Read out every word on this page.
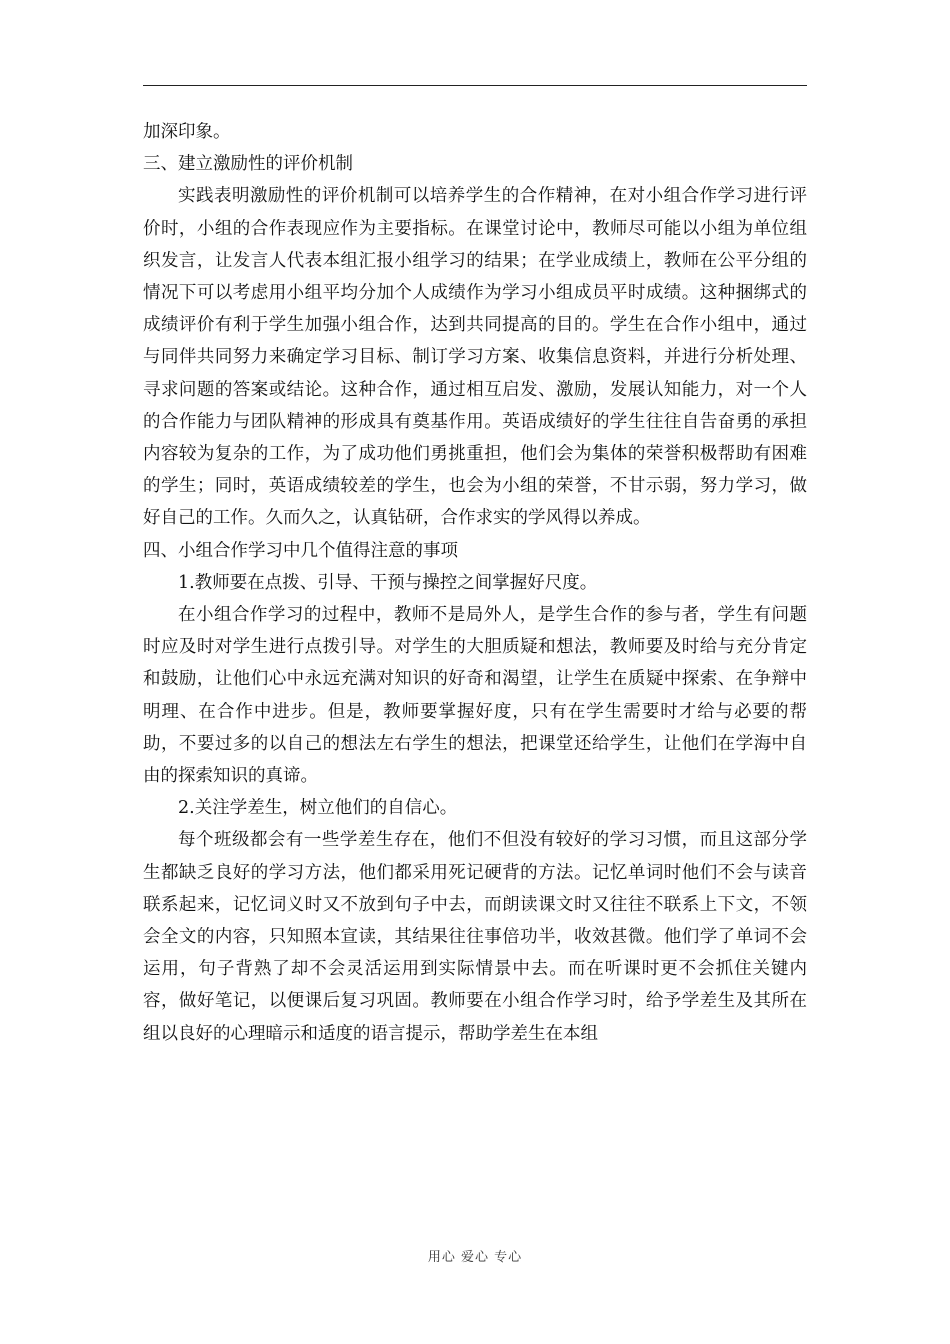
加深印象。

三、建立激励性的评价机制

实践表明激励性的评价机制可以培养学生的合作精神，在对小组合作学习进行评价时，小组的合作表现应作为主要指标。在课堂讨论中，教师尽可能以小组为单位组织发言，让发言人代表本组汇报小组学习的结果；在学业成绩上，教师在公平分组的情况下可以考虑用小组平均分加个人成绩作为学习小组成员平时成绩。这种捆绑式的成绩评价有利于学生加强小组合作，达到共同提高的目的。学生在合作小组中，通过与同伴共同努力来确定学习目标、制订学习方案、收集信息资料，并进行分析处理、寻求问题的答案或结论。这种合作，通过相互启发、激励，发展认知能力，对一个人的合作能力与团队精神的形成具有奠基作用。英语成绩好的学生往往自告奋勇的承担内容较为复杂的工作，为了成功他们勇挑重担，他们会为集体的荣誉积极帮助有困难的学生；同时，英语成绩较差的学生，也会为小组的荣誉，不甘示弱，努力学习，做好自己的工作。久而久之，认真钻研，合作求实的学风得以养成。

四、小组合作学习中几个值得注意的事项

1.教师要在点拨、引导、干预与操控之间掌握好尺度。

在小组合作学习的过程中，教师不是局外人，是学生合作的参与者，学生有问题时应及时对学生进行点拨引导。对学生的大胆质疑和想法，教师要及时给与充分肯定和鼓励，让他们心中永远充满对知识的好奇和渴望，让学生在质疑中探索、在争辩中明理、在合作中进步。但是，教师要掌握好度，只有在学生需要时才给与必要的帮助，不要过多的以自己的想法左右学生的想法，把课堂还给学生，让他们在学海中自由的探索知识的真谛。

2.关注学差生，树立他们的自信心。

每个班级都会有一些学差生存在，他们不但没有较好的学习习惯，而且这部分学生都缺乏良好的学习方法，他们都采用死记硬背的方法。记忆单词时他们不会与读音联系起来，记忆词义时又不放到句子中去，而朗读课文时又往往不联系上下文，不领会全文的内容，只知照本宣读，其结果往往事倍功半，收效甚微。他们学了单词不会运用，句子背熟了却不会灵活运用到实际情景中去。而在听课时更不会抓住关键内容，做好笔记，以便课后复习巩固。教师要在小组合作学习时，给予学差生及其所在组以良好的心理暗示和适度的语言提示，帮助学差生在本组

用心 爱心 专心
